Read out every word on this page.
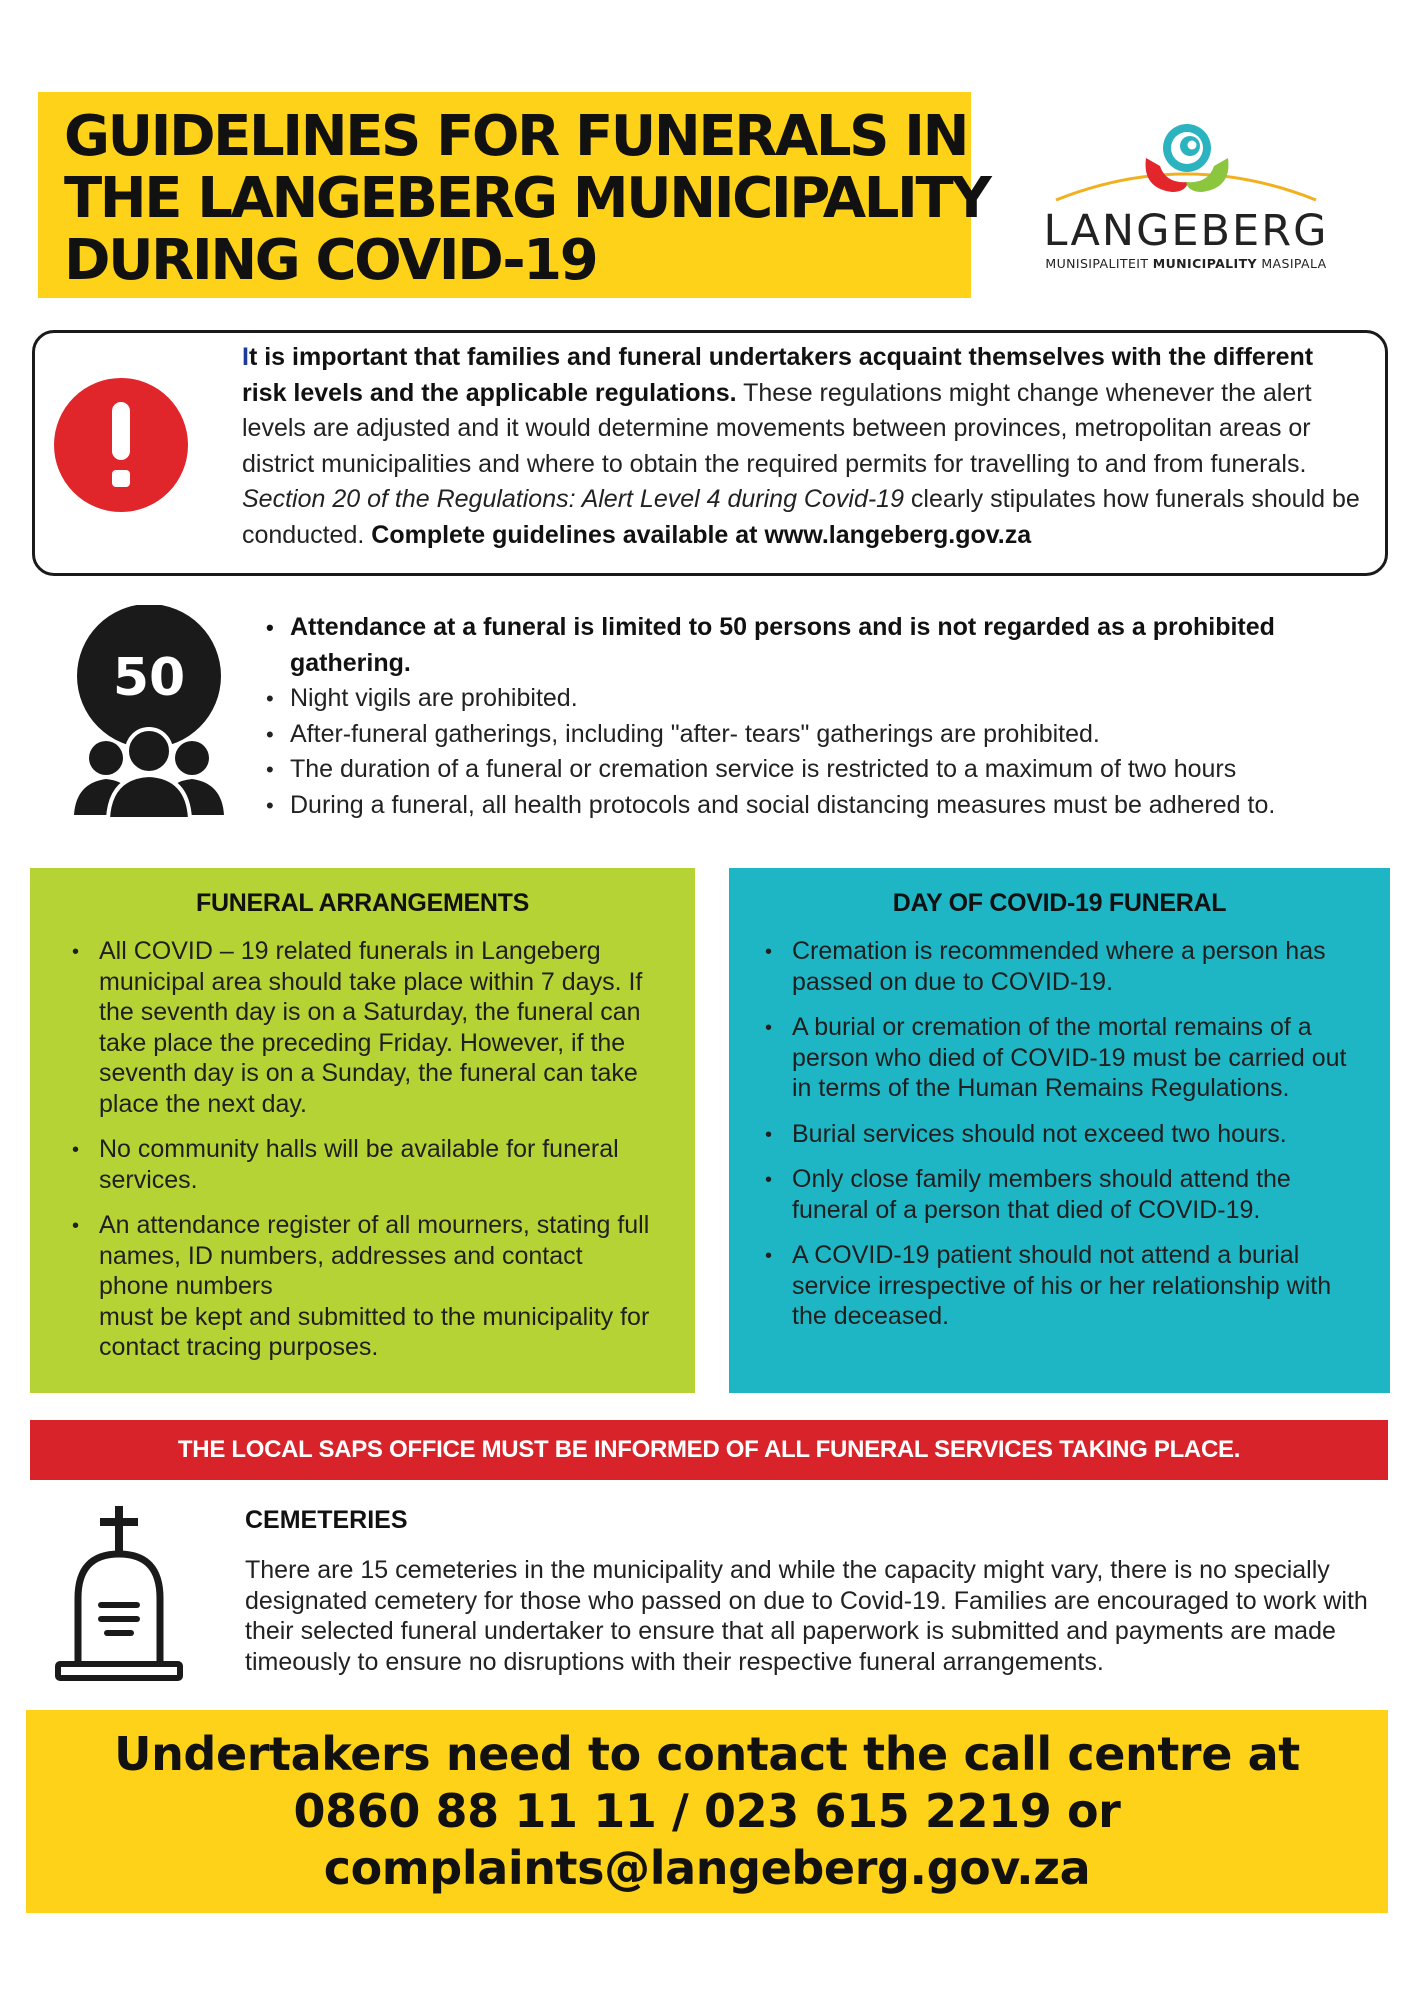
GUIDELINES FOR FUNERALS IN
THE LANGEBERG MUNICIPALITY
DURING COVID-19	LANGEBERG
MUNISIPALITEIT MUNICIPALITY MASIPALA
It is important that families and funeral undertakers acquaint themselves with the different risk levels and the applicable regulations. These regulations might change whenever the alert levels are adjusted and it would determine movements between provinces, metropolitan areas or district municipalities and where to obtain the required permits for travelling to and from funerals. Section 20 of the Regulations: Alert Level 4 during Covid-19 clearly stipulates how funerals should be conducted. Complete guidelines available at www.langeberg.gov.za
50
• Attendance at a funeral is limited to 50 persons and is not regarded as a prohibited gathering.
• Night vigils are prohibited.
• After-funeral gatherings, including "after- tears" gatherings are prohibited.
• The duration of a funeral or cremation service is restricted to a maximum of two hours
• During a funeral, all health protocols and social distancing measures must be adhered to.
FUNERAL ARRANGEMENTS
• All COVID – 19 related funerals in Langeberg municipal area should take place within 7 days. If the seventh day is on a Saturday, the funeral can take place the preceding Friday. However, if the seventh day is on a Sunday, the funeral can take place the next day.
• No community halls will be available for funeral services.
• An attendance register of all mourners, stating full names, ID numbers, addresses and contact phone numbers
must be kept and submitted to the municipality for contact tracing purposes.
DAY OF COVID-19 FUNERAL
• Cremation is recommended where a person has passed on due to COVID-19.
• A burial or cremation of the mortal remains of a person who died of COVID-19 must be carried out in terms of the Human Remains Regulations.
• Burial services should not exceed two hours.
• Only close family members should attend the funeral of a person that died of COVID-19.
• A COVID-19 patient should not attend a burial service irrespective of his or her relationship with the deceased.
THE LOCAL SAPS OFFICE MUST BE INFORMED OF ALL FUNERAL SERVICES TAKING PLACE.
CEMETERIES
There are 15 cemeteries in the municipality and while the capacity might vary, there is no specially designated cemetery for those who passed on due to Covid-19. Families are encouraged to work with their selected funeral undertaker to ensure that all paperwork is submitted and payments are made timeously to ensure no disruptions with their respective funeral arrangements.
Undertakers need to contact the call centre at
0860 88 11 11 / 023 615 2219 or
complaints@langeberg.gov.za
